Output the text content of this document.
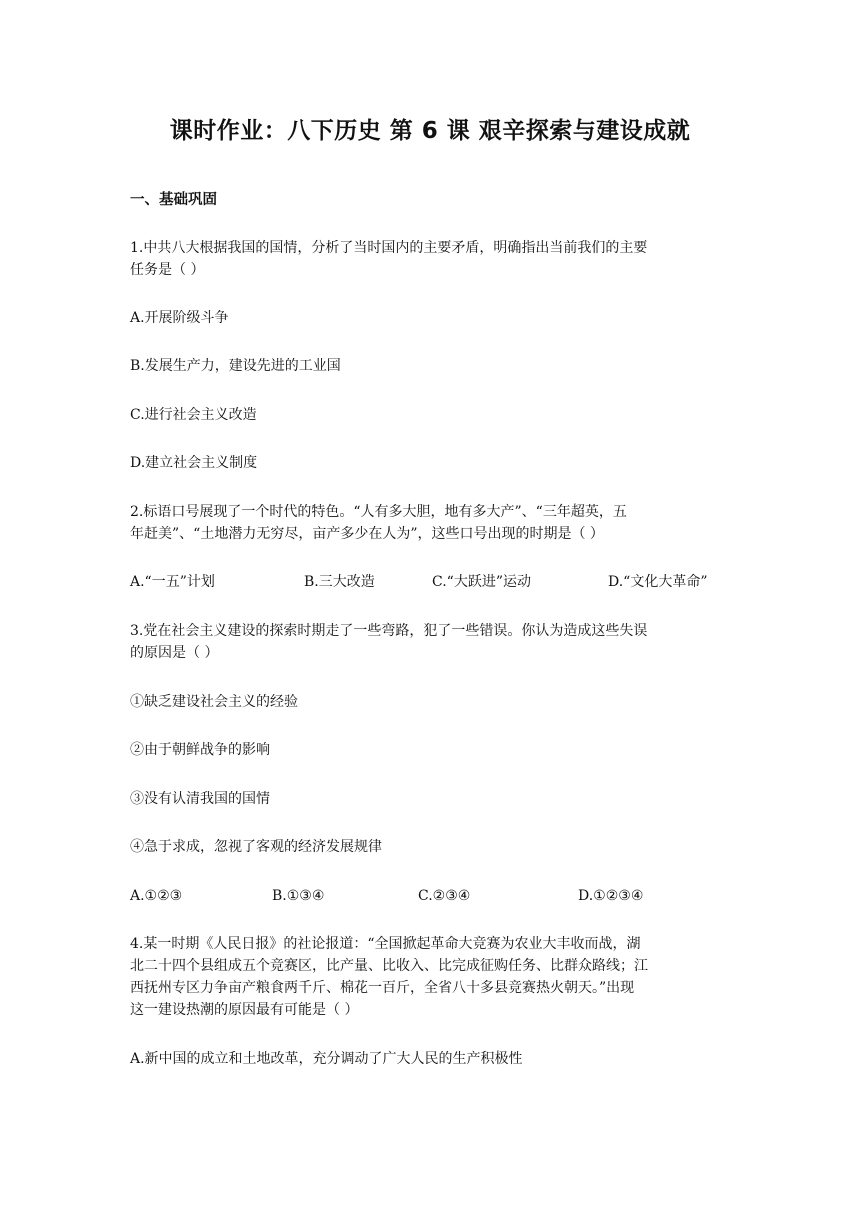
课时作业：八下历史 第 6 课 艰辛探索与建设成就
一、基础巩固
1.中共八大根据我国的国情，分析了当时国内的主要矛盾，明确指出当前我们的主要
任务是（ ）
A.开展阶级斗争
B.发展生产力，建设先进的工业国
C.进行社会主义改造
D.建立社会主义制度
2.标语口号展现了一个时代的特色。“人有多大胆，地有多大产”、“三年超英，五
年赶美”、“土地潜力无穷尽，亩产多少在人为”，这些口号出现的时期是（ ）
A.“一五”计划	B.三大改造	C.“大跃进”运动	D.“文化大革命”
3.党在社会主义建设的探索时期走了一些弯路，犯了一些错误。你认为造成这些失误
的原因是（ ）
①缺乏建设社会主义的经验
②由于朝鲜战争的影响
③没有认清我国的国情
④急于求成，忽视了客观的经济发展规律
A.①②③	B.①③④	C.②③④	D.①②③④
4.某一时期《人民日报》的社论报道：“全国掀起革命大竞赛为农业大丰收而战，湖
北二十四个县组成五个竞赛区，比产量、比收入、比完成征购任务、比群众路线；江
西抚州专区力争亩产粮食两千斤、棉花一百斤，全省八十多县竞赛热火朝天。”出现
这一建设热潮的原因最有可能是（ ）
A.新中国的成立和土地改革，充分调动了广大人民的生产积极性
